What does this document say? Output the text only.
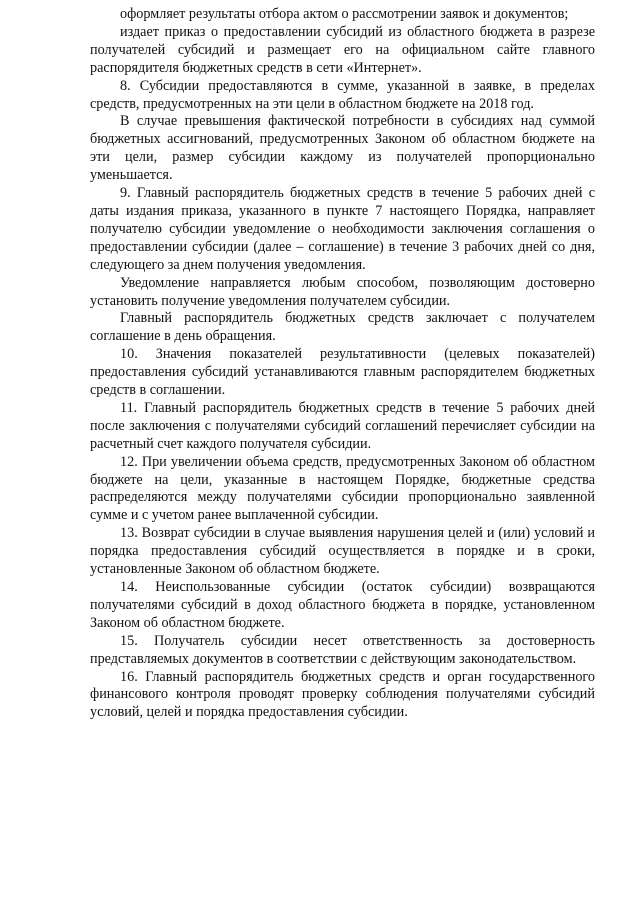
оформляет результаты отбора актом о рассмотрении заявок и документов;

издает приказ о предоставлении субсидий из областного бюджета в разрезе получателей субсидий и размещает его на официальном сайте главного распорядителя бюджетных средств в сети «Интернет».

8. Субсидии предоставляются в сумме, указанной в заявке, в пределах средств, предусмотренных на эти цели в областном бюджете на 2018 год.

В случае превышения фактической потребности в субсидиях над суммой бюджетных ассигнований, предусмотренных Законом об областном бюджете на эти цели, размер субсидии каждому из получателей пропорционально уменьшается.

9. Главный распорядитель бюджетных средств в течение 5 рабочих дней с даты издания приказа, указанного в пункте 7 настоящего Порядка, направляет получателю субсидии уведомление о необходимости заключения соглашения о предоставлении субсидии (далее – соглашение) в течение 3 рабочих дней со дня, следующего за днем получения уведомления.

Уведомление направляется любым способом, позволяющим достоверно установить получение уведомления получателем субсидии.

Главный распорядитель бюджетных средств заключает с получателем соглашение в день обращения.

10. Значения показателей результативности (целевых показателей) предоставления субсидий устанавливаются главным распорядителем бюджетных средств в соглашении.

11. Главный распорядитель бюджетных средств в течение 5 рабочих дней после заключения с получателями субсидий соглашений перечисляет субсидии на расчетный счет каждого получателя субсидии.

12. При увеличении объема средств, предусмотренных Законом об областном бюджете на цели, указанные в настоящем Порядке, бюджетные средства распределяются между получателями субсидии пропорционально заявленной сумме и с учетом ранее выплаченной субсидии.

13. Возврат субсидии в случае выявления нарушения целей и (или) условий и порядка предоставления субсидий осуществляется в порядке и в сроки, установленные Законом об областном бюджете.

14. Неиспользованные субсидии (остаток субсидии) возвращаются получателями субсидий в доход областного бюджета в порядке, установленном Законом об областном бюджете.

15. Получатель субсидии несет ответственность за достоверность представляемых документов в соответствии с действующим законодательством.

16. Главный распорядитель бюджетных средств и орган государственного финансового контроля проводят проверку соблюдения получателями субсидий условий, целей и порядка предоставления субсидии.
